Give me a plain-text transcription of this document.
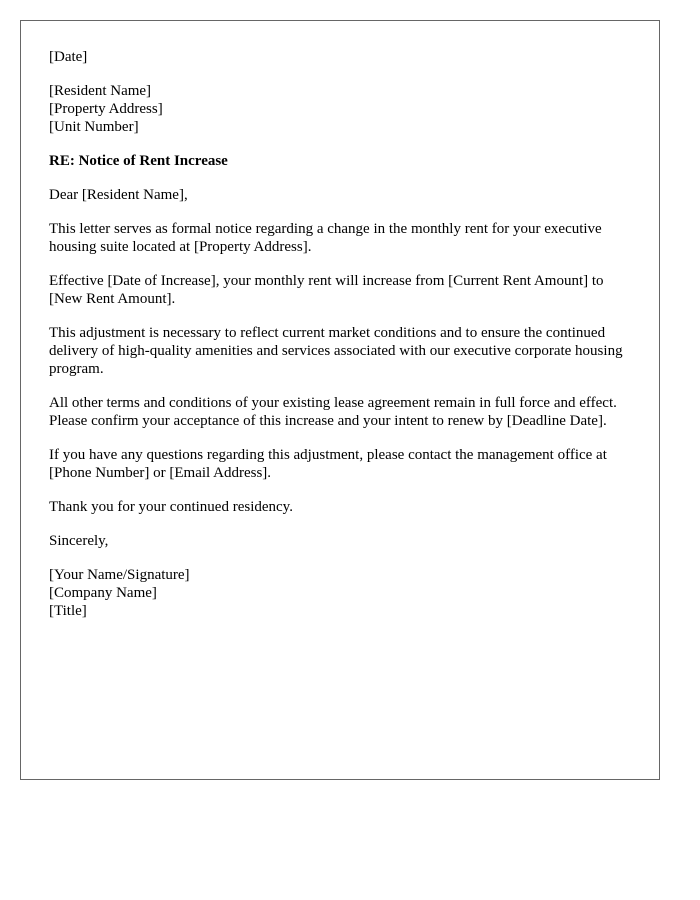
[Date]
[Resident Name]
[Property Address]
[Unit Number]
RE: Notice of Rent Increase
Dear [Resident Name],

This letter serves as formal notice regarding a change in the monthly rent for your executive housing suite located at [Property Address].

Effective [Date of Increase], your monthly rent will increase from [Current Rent Amount] to [New Rent Amount].

This adjustment is necessary to reflect current market conditions and to ensure the continued delivery of high-quality amenities and services associated with our executive corporate housing program.

All other terms and conditions of your existing lease agreement remain in full force and effect. Please confirm your acceptance of this increase and your intent to renew by [Deadline Date].

If you have any questions regarding this adjustment, please contact the management office at [Phone Number] or [Email Address].

Thank you for your continued residency.

Sincerely,
[Your Name/Signature]
[Company Name]
[Title]
